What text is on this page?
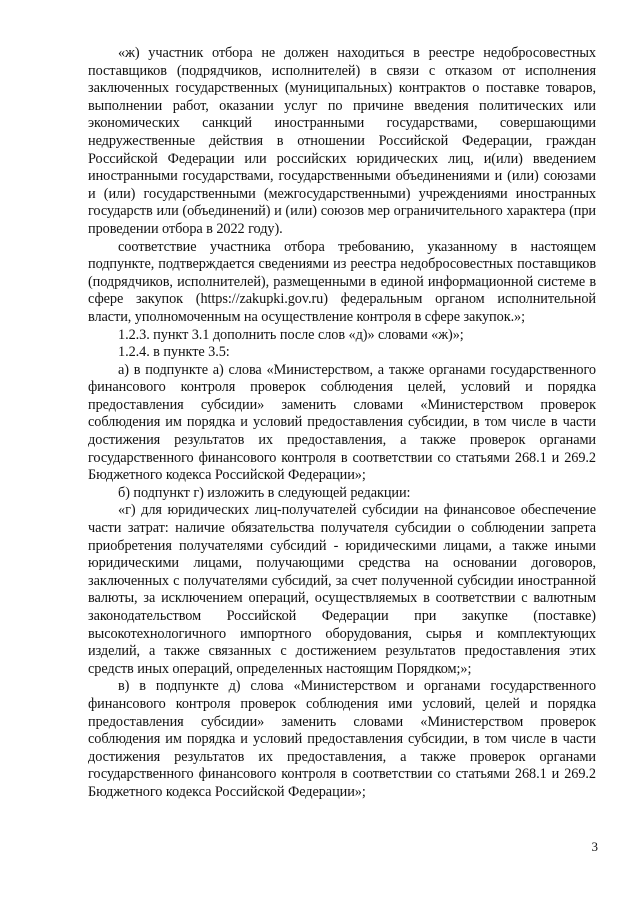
«ж) участник отбора не должен находиться в реестре недобросовестных поставщиков (подрядчиков, исполнителей) в связи с отказом от исполнения заключенных государственных (муниципальных) контрактов о поставке товаров, выполнении работ, оказании услуг по причине введения политических или экономических санкций иностранными государствами, совершающими недружественные действия в отношении Российской Федерации, граждан Российской Федерации или российских юридических лиц, и(или) введением иностранными государствами, государственными объединениями и (или) союзами и (или) государственными (межгосударственными) учреждениями иностранных государств или (объединений) и (или) союзов мер ограничительного характера (при проведении отбора в 2022 году).

соответствие участника отбора требованию, указанному в настоящем подпункте, подтверждается сведениями из реестра недобросовестных поставщиков (подрядчиков, исполнителей), размещенными в единой информационной системе в сфере закупок (https://zakupki.gov.ru) федеральным органом исполнительной власти, уполномоченным на осуществление контроля в сфере закупок.»;

1.2.3. пункт 3.1 дополнить после слов «д)» словами «ж)»;

1.2.4. в пункте 3.5:

а) в подпункте а) слова «Министерством, а также органами государственного финансового контроля проверок соблюдения целей, условий и порядка предоставления субсидии» заменить словами «Министерством проверок соблюдения им порядка и условий предоставления субсидии, в том числе в части достижения результатов их предоставления, а также проверок органами государственного финансового контроля в соответствии со статьями 268.1 и 269.2 Бюджетного кодекса Российской Федерации»;

б) подпункт г) изложить в следующей редакции:

«г) для юридических лиц-получателей субсидии на финансовое обеспечение части затрат: наличие обязательства получателя субсидии о соблюдении запрета приобретения получателями субсидий - юридическими лицами, а также иными юридическими лицами, получающими средства на основании договоров, заключенных с получателями субсидий, за счет полученной субсидии иностранной валюты, за исключением операций, осуществляемых в соответствии с валютным законодательством Российской Федерации при закупке (поставке) высокотехнологичного импортного оборудования, сырья и комплектующих изделий, а также связанных с достижением результатов предоставления этих средств иных операций, определенных настоящим Порядком;»;

в) в подпункте д) слова «Министерством и органами государственного финансового контроля проверок соблюдения ими условий, целей и порядка предоставления субсидии» заменить словами «Министерством проверок соблюдения им порядка и условий предоставления субсидии, в том числе в части достижения результатов их предоставления, а также проверок органами государственного финансового контроля в соответствии со статьями 268.1 и 269.2 Бюджетного кодекса Российской Федерации»;

3
